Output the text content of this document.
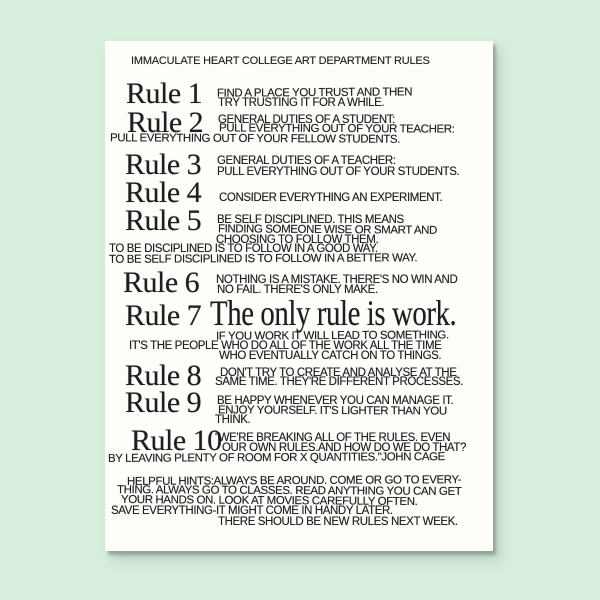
IMMACULATE HEART COLLEGE ART DEPARTMENT RULES
Rule 1 FIND A PLACE YOU TRUST AND THEN
TRY TRUSTING IT FOR A WHILE.
Rule 2 GENERAL DUTIES OF A STUDENT:
PULL EVERYTHING OUT OF YOUR TEACHER:
PULL EVERYTHING OUT OF YOUR FELLOW STUDENTS.
Rule 3 GENERAL DUTIES OF A TEACHER:
PULL EVERYTHING OUT OF YOUR STUDENTS.
Rule 4 CONSIDER EVERYTHING AN EXPERIMENT.
Rule 5 BE SELF DISCIPLINED. THIS MEANS
FINDING SOMEONE WISE OR SMART AND
CHOOSING TO FOLLOW THEM.
TO BE DISCIPLINED IS TO FOLLOW IN A GOOD WAY.
TO BE SELF DISCIPLINED IS TO FOLLOW IN A BETTER WAY.
Rule 6 NOTHING IS A MISTAKE. THERE'S NO WIN AND
NO FAIL. THERE'S ONLY MAKE.
Rule 7 The only rule is work.
IF YOU WORK IT WILL LEAD TO SOMETHING.
IT'S THE PEOPLE WHO DO ALL OF THE WORK ALL THE TIME
WHO EVENTUALLY CATCH ON TO THINGS.
Rule 8 DON'T TRY TO CREATE AND ANALYSE AT THE
SAME TIME. THEY'RE DIFFERENT PROCESSES.
Rule 9 BE HAPPY WHENEVER YOU CAN MANAGE IT.
ENJOY YOURSELF. IT'S LIGHTER THAN YOU
THINK.
Rule 10
"WE'RE BREAKING ALL OF THE RULES. EVEN
OUR OWN RULES.AND HOW DO WE DO THAT?
BY LEAVING PLENTY OF ROOM FOR X QUANTITIES."JOHN CAGE
HELPFUL HINTS:ALWAYS BE AROUND. COME OR GO TO EVERY-
THING. ALWAYS GO TO CLASSES. READ ANYTHING YOU CAN GET
YOUR HANDS ON. LOOK AT MOVIES CAREFULLY OFTEN.
SAVE EVERYTHING-IT MIGHT COME IN HANDY LATER.
THERE SHOULD BE NEW RULES NEXT WEEK.
